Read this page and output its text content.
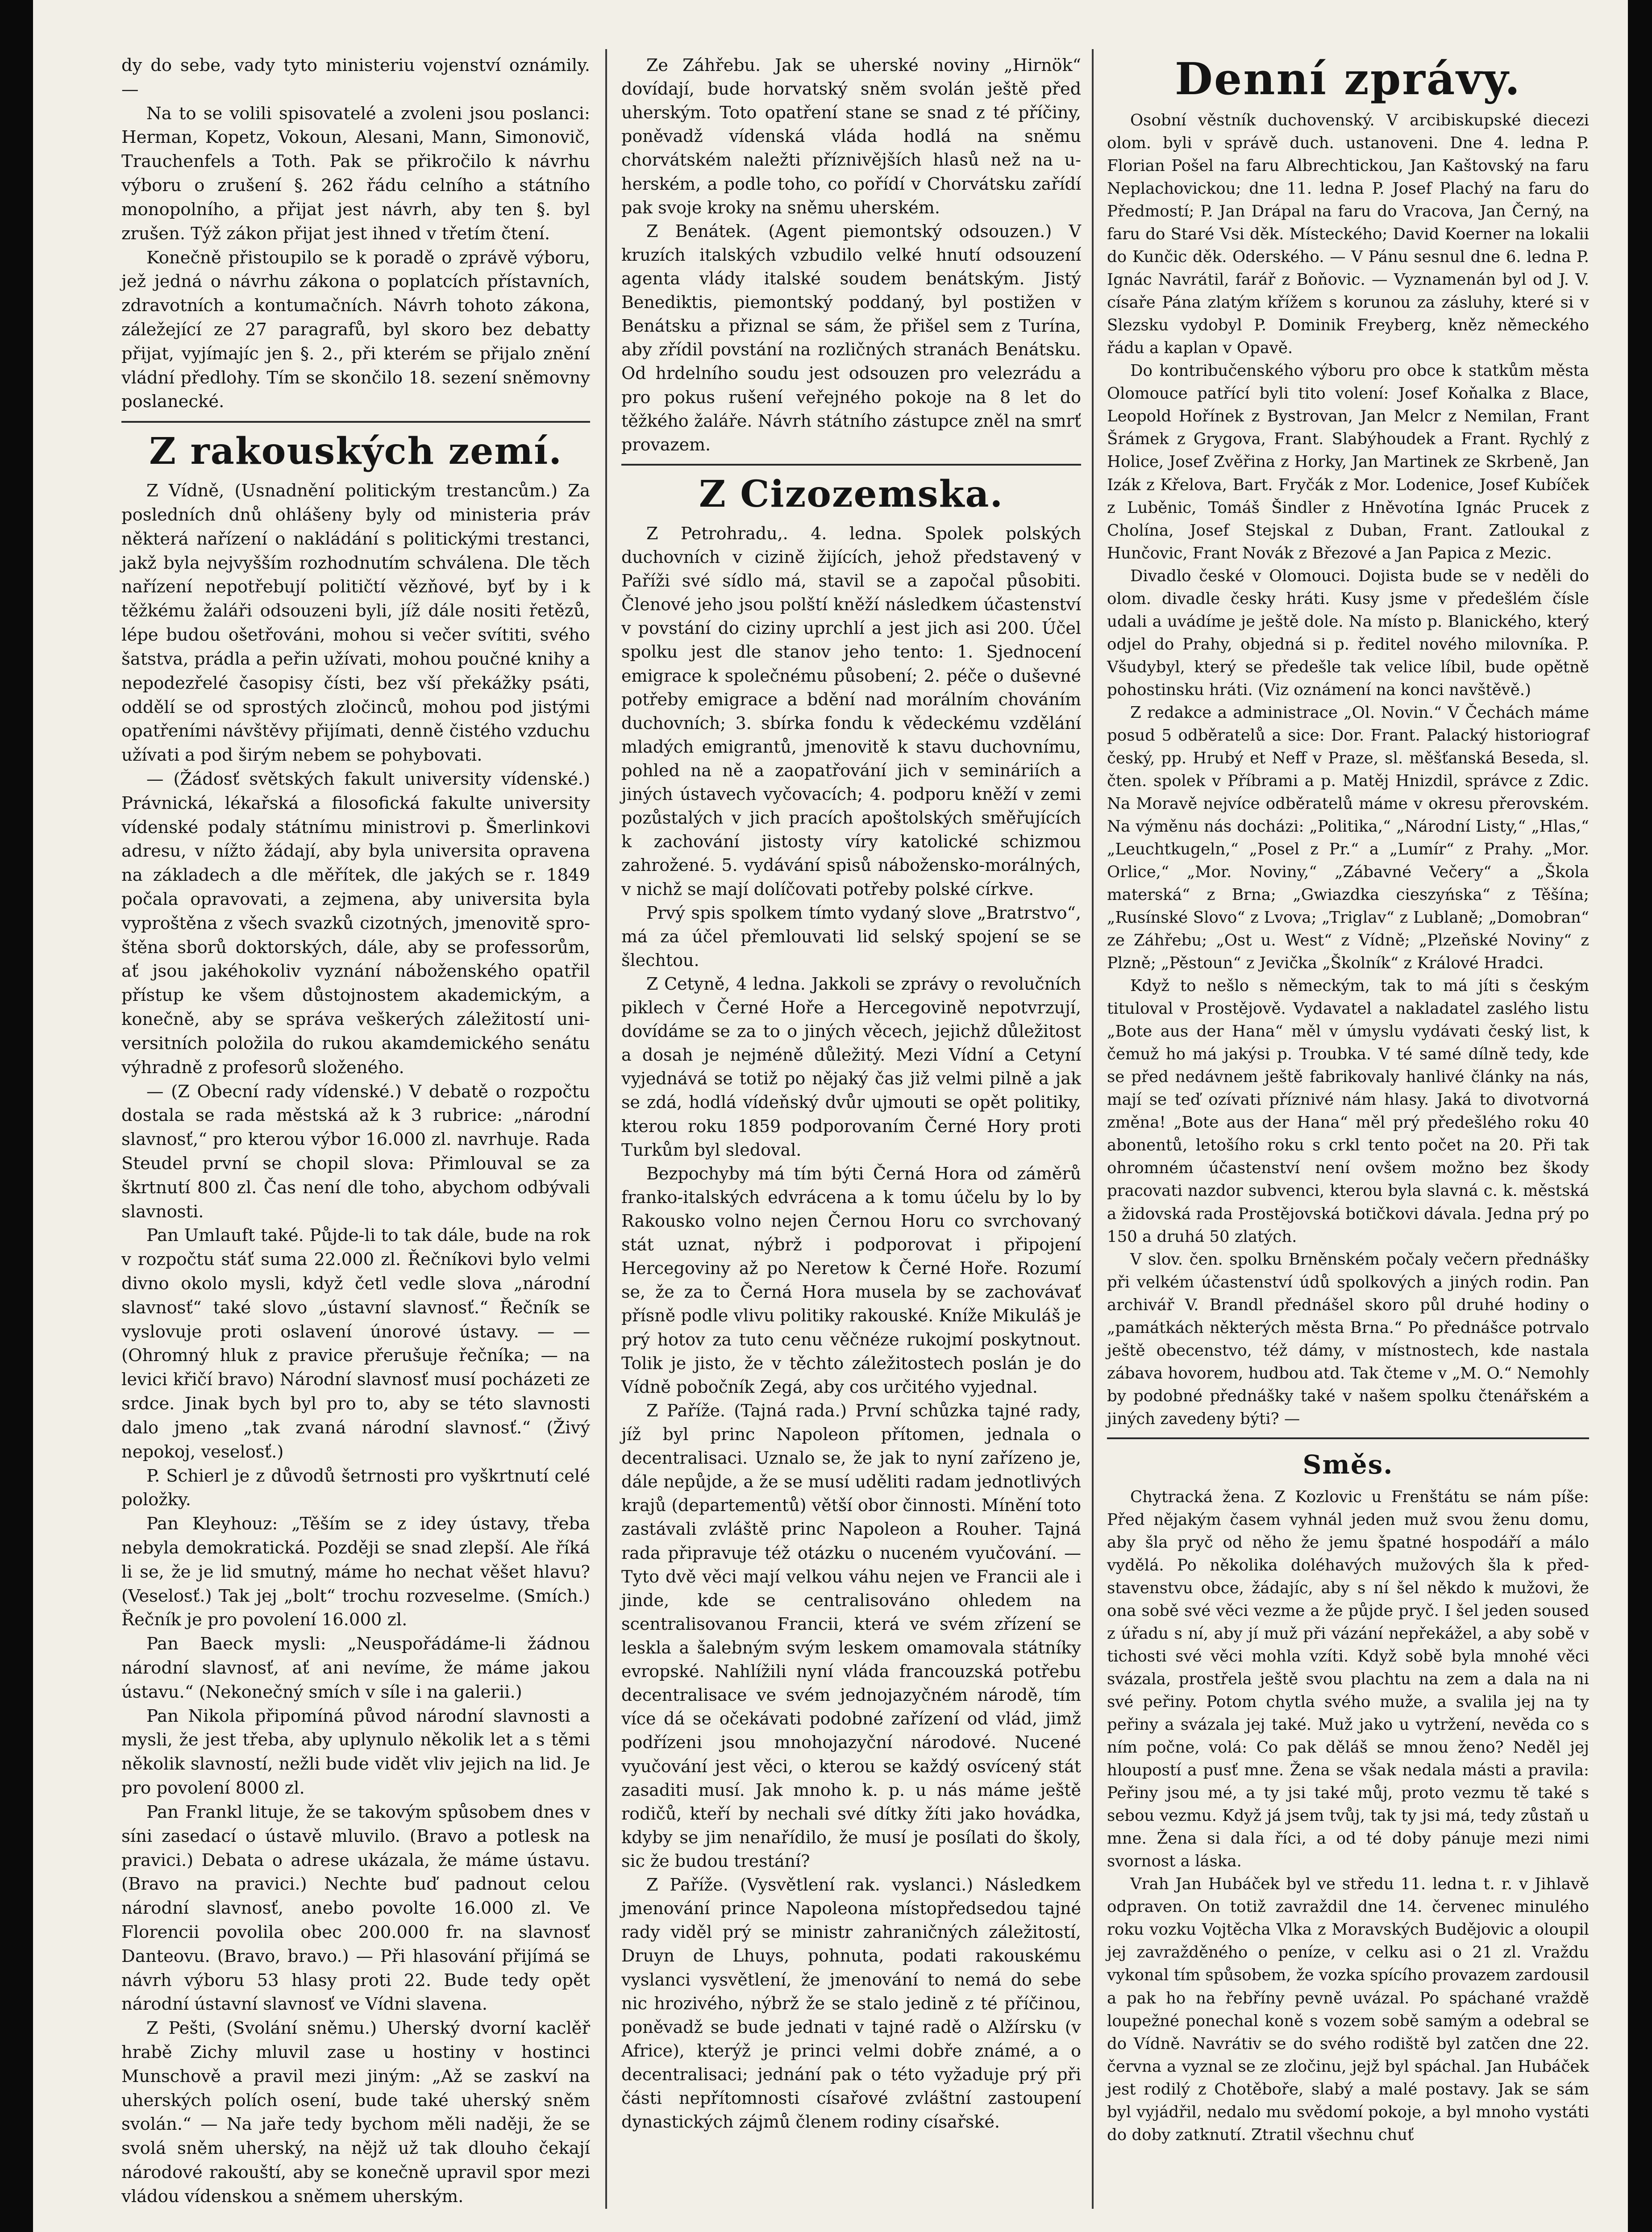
dy do sebe, vady tyto ministeriu vojenství oznámily. —

Na to se volili spisovatelé a zvoleni jsou poslanci: Herman, Kopetz, Vokoun, Alesani, Mann, Simonovič, Trauchenfels a Toth. Pak se přikročilo k návrhu výboru o zrušení §. 262 řádu celního a státního monopolního, a přijat jest návrh, aby ten §. byl zrušen. Týž zákon přijat jest ihned v třetím čtení.

Konečně přistoupilo se k poradě o zprávě výboru, jež jedná o návrhu zákona o poplatcích přístavních, zdravotních a kontumačních. Návrh tohoto zákona, záležející ze 27 paragrafů, byl skoro bez debatty přijat, vyjímajíc jen §. 2., při kterém se přijalo znění vládní předlohy. Tím se skončilo 18. sezení sněmovny poslanecké.

Z rakouských zemí.

Z Vídně, (Usnadnění politickým trestancům.) Za posledních dnů ohlášeny byly od ministeria práv některá nařízení o nakládání s politickými trestanci, jakž byla nejvyšším rozhodnutím schválena. Dle těch nařízení nepotřebují političtí vězňové, byť by i k těžkému žaláři odsouzeni byli, jíž dále nositi řetězů, lépe budou ošetřováni, mohou si večer svítiti, svého šatstva, prádla a peřin užívati, mohou poučné knihy a nepodezřelé časopisy čísti, bez vší překážky psáti, oddělí se od sprostých zločinců, mohou pod jistými opatřeními návštěvy přijímati, denně čistého vzduchu užívati a pod širým nebem se pohybovati.

— (Žádosť světských fakult university vídenské.) Právnická, lékařská a filosofická fakulte university vídenské podaly státnímu ministrovi p. Šmerlinkovi adresu, v nížto žádají, aby byla universita opravena na základech a dle měřítek, dle jakých se r. 1849 počala opravovati, a zejmena, aby universita byla vyproštěna z všech svazků cizotných, jmenovitě sproštěna sborů doktorských, dále, aby se professorům, ať jsou jakéhokoliv vyznání náboženského opatřil přístup ke všem důstojnostem akademickým, a konečně, aby se správa veškerých záležitostí universitních položila do rukou akamdemického senátu výhradně z profesorů složeného.

— (Z Obecní rady vídenské.) V debatě o rozpočtu dostala se rada městská až k 3 rubrice: „národní slavnosť,“ pro kterou výbor 16.000 zl. navrhuje. Rada Steudel první se chopil slova: Přimlouval se za škrtnutí 800 zl. Čas není dle toho, abychom odbývali slavnosti.

Pan Umlauft také. Půjde-li to tak dále, bude na rok v rozpočtu stáť suma 22.000 zl. Řečníkovi bylo velmi divno okolo mysli, když četl vedle slova „národní slavnosť“ také slovo „ústavní slavnosť.“ Řečník se vyslovuje proti oslavení únorové ústavy. — — (Ohromný hluk z pravice přerušuje řečníka; — na levici křičí bravo) Národní slavnosť musí pocházeti ze srdce. Jinak bych byl pro to, aby se této slavnosti dalo jmeno „tak zvaná národní slavnosť.“ (Živý nepokoj, veselosť.)

P. Schierl je z důvodů šetrnosti pro vyškrtnutí celé položky.

Pan Kleyhouz: „Těším se z idey ústavy, třeba nebyla demokratická. Později se snad zlepší. Ale říká li se, že je lid smutný, máme ho nechat věšet hlavu? (Veselosť.) Tak jej „bolt“ trochu rozveselme. (Smích.) Řečník je pro povolení 16.000 zl.

Pan Baeck mysli: „Neuspořádáme-li žádnou národní slavnosť, ať ani nevíme, že máme jakou ústavu.“ (Nekonečný smích v síle i na galerii.)

Pan Nikola připomíná původ národní slavnosti a mysli, že jest třeba, aby uplynulo několik let a s těmi několik slavností, nežli bude vidět vliv jejich na lid. Je pro povolení 8000 zl.

Pan Frankl lituje, že se takovým spůsobem dnes v síni zasedací o ústavě mluvilo. (Bravo a potlesk na pravici.) Debata o adrese ukázala, že máme ústavu. (Bravo na pravici.) Nechte buď padnout celou národní slavnosť, anebo povolte 16.000 zl. Ve Florencii povolila obec 200.000 fr. na slavnosť Danteovu. (Bravo, bravo.) — Při hlasování přijímá se návrh výboru 53 hlasy proti 22. Bude tedy opět národní ústavní slavnosť ve Vídni slavena.

Z Pešti, (Svolání sněmu.) Uherský dvorní kaclěř hrabě Zichy mluvil zase u hostiny v hostinci Munschově a pravil mezi jiným: „Až se zaskví na uherských polích osení, bude také uherský sněm svolán.“ — Na jaře tedy bychom měli naději, že se svolá sněm uherský, na nějž už tak dlouho čekají národové rakouští, aby se konečně upravil spor mezi vládou vídenskou a sněmem uherským.

Ze Záhřebu. Jak se uherské noviny „Hirnök“ dovídají, bude horvatský sněm svolán ještě před uherským. Toto opatření stane se snad z té příčiny, poněvadž vídenská vláda hodlá na sněmu chorvátském naležti příznivějších hlasů než na uherském, a podle toho, co pořídí v Chorvátsku zařídí pak svoje kroky na sněmu uherském.

Z Benátek. (Agent piemontský odsouzen.) V kruzích italských vzbudilo velké hnutí odsouzení agenta vlády italské soudem benátským. Jistý Benediktis, piemontský poddaný, byl postižen v Benátsku a přiznal se sám, že přišel sem z Turína, aby zřídil povstání na rozličných stranách Benátsku. Od hrdelního soudu jest odsouzen pro velezrádu a pro pokus rušení veřejného pokoje na 8 let do těžkého žaláře. Návrh státního zástupce zněl na smrť provazem.

Z Cizozemska.

Z Petrohradu,. 4. ledna. Spolek polských duchovních v cizině žijících, jehož představený v Paříži své sídlo má, stavil se a započal působiti. Členové jeho jsou polští kněží následkem účastenství v povstání do ciziny uprchlí a jest jich asi 200. Účel spolku jest dle stanov jeho tento: 1. Sjednocení emigrace k společnému působení; 2. péče o duševné potřeby emigrace a bdění nad morálním chováním duchovních; 3. sbírka fondu k vědeckému vzdělání mladých emigrantů, jmenovitě k stavu duchovnímu, pohled na ně a zaopatřování jich v semináriích a jiných ústavech vyčovacích; 4. podporu kněží v zemi pozůstalých v jich pracích apoštolských směřujících k zachování jistosty víry katolické schizmou zahrožené. 5. vydávání spisů nábožensko-morálných, v nichž se mají dolíčovati potřeby polské církve.

Prvý spis spolkem tímto vydaný slove „Bratrstvo“, má za účel přemlouvati lid selský spojení se se šlechtou.

Z Cetyně, 4 ledna. Jakkoli se zprávy o revolučních piklech v Černé Hoře a Hercegovině nepotvrzují, dovídáme se za to o jiných věcech, jejichž důležitost a dosah je nejméně důležitý. Mezi Vídní a Cetyní vyjednává se totiž po nějaký čas již velmi pilně a jak se zdá, hodlá vídeňský dvůr ujmouti se opět politiky, kterou roku 1859 podporovaním Černé Hory proti Turkům byl sledoval.

Bezpochyby má tím býti Černá Hora od záměrů franko-italských edvrácena a k tomu účelu by lo by Rakousko volno nejen Černou Horu co svrchovaný stát uznat, nýbrž i podporovat i připojení Hercegoviny až po Neretow k Černé Hoře. Rozumí se, že za to Černá Hora musela by se zachovávať přísně podle vlivu politiky rakouské. Kníže Mikuláš je prý hotov za tuto cenu věčnéze rukojmí poskytnout. Tolik je jisto, že v těchto záležitostech poslán je do Vídně pobočník Zegá, aby cos určitého vyjednal.

Z Paříže. (Tajná rada.) První schůzka tajné rady, jíž byl princ Napoleon přítomen, jednala o decentralisaci. Uznalo se, že jak to nyní zařízeno je, dále nepůjde, a že se musí uděliti radam jednotlivých krajů (departementů) větší obor činnosti. Mínění toto zastávali zvláště princ Napoleon a Rouher. Tajná rada připravuje též otázku o nuceném vyučování. — Tyto dvě věci mají velkou váhu nejen ve Francii ale i jinde, kde se centralisováno ohledem na scentralisovanou Francii, která ve svém zřízení se leskla a šalebným svým leskem omamovala státníky evropské. Nahlížili nyní vláda francouzská potřebu decentralisace ve svém jednojazyčném národě, tím více dá se očekávati podobné zařízení od vlád, jimž podřízeni jsou mnohojazyční národové. Nucené vyučování jest věci, o kterou se každý osvícený stát zasaditi musí. Jak mnoho k. p. u nás máme ještě rodičů, kteří by nechali své dítky žíti jako hovádka, kdyby se jim nenařídilo, že musí je posílati do školy, sic že budou trestání?

Z Paříže. (Vysvětlení rak. vyslanci.) Následkem jmenování prince Napoleona místopředsedou tajné rady viděl prý se ministr zahraničných záležitostí, Druyn de Lhuys, pohnuta, podati rakouskému vyslanci vysvětlení, že jmenování to nemá do sebe nic hrozivého, nýbrž že se stalo jedině z té příčinou, poněvadž se bude jednati v tajné radě o Alžírsku (v Africe), kterýž je princi velmi dobře známé, a o decentralisaci; jednání pak o této vyžaduje prý při části nepřítomnosti císařové zvláštní zastoupení dynastických zájmů členem rodiny císařské.

Denní zprávy.

Osobní věstník duchovenský. V arcibiskupské diecezi olom. byli v správě duch. ustanoveni. Dne 4. ledna P. Florian Pošel na faru Albrechtickou, Jan Kaštovský na faru Neplachovickou; dne 11. ledna P. Josef Plachý na faru do Předmostí; P. Jan Drápal na faru do Vracova, Jan Černý, na faru do Staré Vsi děk. Místeckého; David Koerner na lokalii do Kunčic děk. Oderského. — V Pánu sesnul dne 6. ledna P. Ignác Navrátil, farář z Boňovic. — Vyznamenán byl od J. V. císaře Pána zlatým křížem s korunou za zásluhy, které si v Slezsku vydobyl P. Dominik Freyberg, kněz německého řádu a kaplan v Opavě.

Do kontribučenského výboru pro obce k statkům města Olomouce patřící byli tito volení: Josef Koňalka z Blace, Leopold Hořínek z Bystrovan, Jan Melcr z Nemilan, Frant Šrámek z Grygova, Frant. Slabýhoudek a Frant. Rychlý z Holice, Josef Zvěřina z Horky, Jan Martinek ze Skrbeně, Jan Izák z Křelova, Bart. Fryčák z Mor. Lodenice, Josef Kubíček z Luběnic, Tomáš Šindler z Hněvotína Ignác Prucek z Cholína, Josef Stejskal z Duban, Frant. Zatloukal z Hunčovic, Frant Novák z Březové a Jan Papica z Mezic.

Divadlo české v Olomouci. Dojista bude se v neděli do olom. divadle česky hráti. Kusy jsme v předešlém čísle udali a uvádíme je ještě dole. Na místo p. Blanického, který odjel do Prahy, objedná si p. ředitel nového milovníka. P. Všudybyl, který se předešle tak velice líbil, bude opětně pohostinsku hráti. (Viz oznámení na konci navštěvě.)

Z redakce a administrace „Ol. Novin.“ V Čechách máme posud 5 odběratelů a sice: Dor. Frant. Palacký historiograf český, pp. Hrubý et Neff v Praze, sl. měšťanská Beseda, sl. čten. spolek v Příbrami a p. Matěj Hnizdil, správce z Zdic. Na Moravě nejvíce odběratelů máme v okresu přerovském. Na výměnu nás docházi: „Politika,“ „Národní Listy,“ „Hlas,“ „Leuchtkugeln,“ „Posel z Pr.“ a „Lumír“ z Prahy. „Mor. Orlice,“ „Mor. Noviny,“ „Zábavné Večery“ a „Škola materská“ z Brna; „Gwiazdka cieszyńska“ z Těšína; „Rusínské Slovo“ z Lvova; „Triglav“ z Lublaně; „Domobran“ ze Záhřebu; „Ost u. West“ z Vídně; „Plzeňské Noviny“ z Plzně; „Pěstoun“ z Jevička „Školník“ z Králové Hradci.

Když to nešlo s německým, tak to má jíti s českým tituloval v Prostějově. Vydavatel a nakladatel zaslého listu „Bote aus der Hana“ měl v úmyslu vydávati český list, k čemuž ho má jakýsi p. Troubka. V té samé dílně tedy, kde se před nedávnem ještě fabrikovaly hanlivé články na nás, mají se teď ozívati příznivé nám hlasy. Jaká to divotvorná změna! „Bote aus der Hana“ měl prý předešlého roku 40 abonentů, letošího roku s crkl tento počet na 20. Při tak ohromném účastenství není ovšem možno bez škody pracovati nazdor subvenci, kterou byla slavná c. k. městská a židovská rada Prostějovská botičkovi dávala. Jedna prý po 150 a druhá 50 zlatých.

V slov. čen. spolku Brněnském počaly večern přednášky při velkém účastenství údů spolkových a jiných rodin. Pan archivář V. Brandl přednášel skoro půl druhé hodiny o „památkách některých města Brna.“ Po přednášce potrvalo ještě obecenstvo, též dámy, v místnostech, kde nastala zábava hovorem, hudbou atd. Tak čteme v „M. O.“ Nemohly by podobné přednášky také v našem spolku čtenářském a jiných zavedeny býti? —

Směs.

Chytracká žena. Z Kozlovic u Frenštátu se nám píše: Před nějakým časem vyhnál jeden muž svou ženu domu, aby šla pryč od něho že jemu špatné hospodáří a málo vydělá. Po několika doléhavých mužových šla k představenstvu obce, žádajíc, aby s ní šel někdo k mužovi, že ona sobě své věci vezme a že půjde pryč. I šel jeden soused z úřadu s ní, aby jí muž při vázání nepřekážel, a aby sobě v tichosti své věci mohla vzíti. Když sobě byla mnohé věci svázala, prostřela ještě svou plachtu na zem a dala na ni své peřiny. Potom chytla svého muže, a svalila jej na ty peřiny a svázala jej také. Muž jako u vytržení, nevěda co s ním počne, volá: Co pak děláš se mnou ženo? Neděl jej hloupostí a pusť mne. Žena se však nedala másti a pravila: Peřiny jsou mé, a ty jsi také můj, proto vezmu tě také s sebou vezmu. Když já jsem tvůj, tak ty jsi má, tedy zůstaň u mne. Žena si dala říci, a od té doby pánuje mezi nimi svornost a láska.

Vrah Jan Hubáček byl ve středu 11. ledna t. r. v Jihlavě odpraven. On totiž zavraždil dne 14. červenec minulého roku vozku Vojtěcha Vlka z Moravských Budějovic a oloupil jej zavražděného o peníze, v celku asi o 21 zl. Vraždu vykonal tím spůsobem, že vozka spícího provazem zardousil a pak ho na řebříny pevně uvázal. Po spáchané vraždě loupežné ponechal koně s vozem sobě samým a odebral se do Vídně. Navrátiv se do svého rodiště byl zatčen dne 22. června a vyznal se ze zločinu, jejž byl spáchal. Jan Hubáček jest rodilý z Chotěboře, slabý a malé postavy. Jak se sám byl vyjádřil, nedalo mu svědomí pokoje, a byl mnoho vystáti do doby zatknutí. Ztratil všechnu chuť
